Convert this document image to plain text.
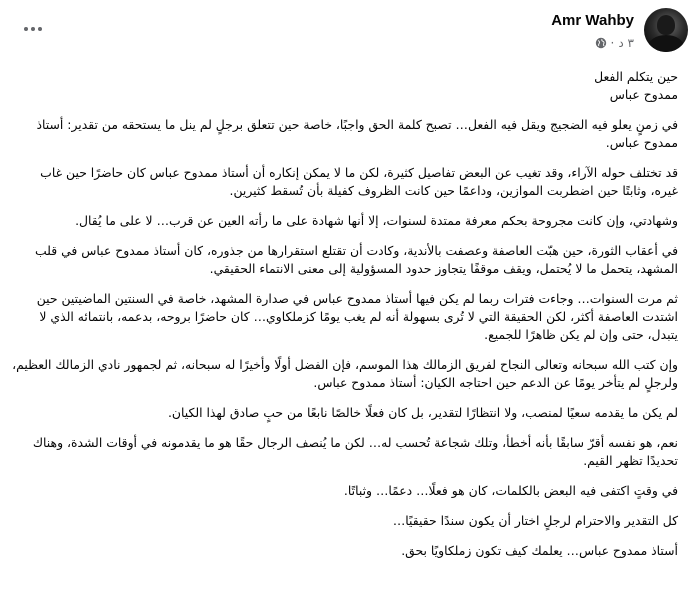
Amr Wahby
٣ د
·

حين يتكلم الفعل

ممدوح عباس

في زمنٍ يعلو فيه الضجيج ويقل فيه الفعل… تصبح كلمة الحق واجبًا، خاصة حين تتعلق برجلٍ لم ينل ما يستحقه من تقدير: أستاذ ممدوح عباس.

قد تختلف حوله الآراء، وقد تغيب عن البعض تفاصيل كثيرة، لكن ما لا يمكن إنكاره أن أستاذ ممدوح عباس كان حاضرًا حين غاب غيره، وثابتًا حين اضطربت الموازين، وداعمًا حين كانت الظروف كفيلة بأن تُسقط كثيرين.

وشهادتي، وإن كانت مجروحة بحكم معرفة ممتدة لسنوات، إلا أنها شهادة على ما رأته العين عن قرب… لا على ما يُقال.

في أعقاب الثورة، حين هبّت العاصفة وعصفت بالأندية، وكادت أن تقتلع استقرارها من جذوره، كان أستاذ ممدوح عباس في قلب المشهد، يتحمل ما لا يُحتمل، ويقف موقفًا يتجاوز حدود المسؤولية إلى معنى الانتماء الحقيقي.

ثم مرت السنوات… وجاءت فترات ربما لم يكن فيها أستاذ ممدوح عباس في صدارة المشهد، خاصة في السنتين الماضيتين حين اشتدت العاصفة أكثر، لكن الحقيقة التي لا تُرى بسهولة أنه لم يغب يومًا كزملكاوي… كان حاضرًا بروحه، بدعمه، بانتمائه الذي لا يتبدل، حتى وإن لم يكن ظاهرًا للجميع.

وإن كتب الله سبحانه وتعالى النجاح لفريق الزمالك هذا الموسم، فإن الفضل أولًا وأخيرًا له سبحانه، ثم لجمهور نادي الزمالك العظيم، ولرجلٍ لم يتأخر يومًا عن الدعم حين احتاجه الكيان: أستاذ ممدوح عباس.

لم يكن ما يقدمه سعيًا لمنصب، ولا انتظارًا لتقدير، بل كان فعلًا خالصًا نابعًا من حبٍ صادق لهذا الكيان.

نعم، هو نفسه أقرّ سابقًا بأنه أخطأ، وتلك شجاعة تُحسب له… لكن ما يُنصف الرجال حقًا هو ما يقدمونه في أوقات الشدة، وهناك تحديدًا تظهر القيم.

في وقتٍ اكتفى فيه البعض بالكلمات، كان هو فعلًا… دعمًا… وثباتًا.

كل التقدير والاحترام لرجلٍ اختار أن يكون سندًا حقيقيًا…

أستاذ ممدوح عباس… يعلمك كيف تكون زملكاويًا بحق.
